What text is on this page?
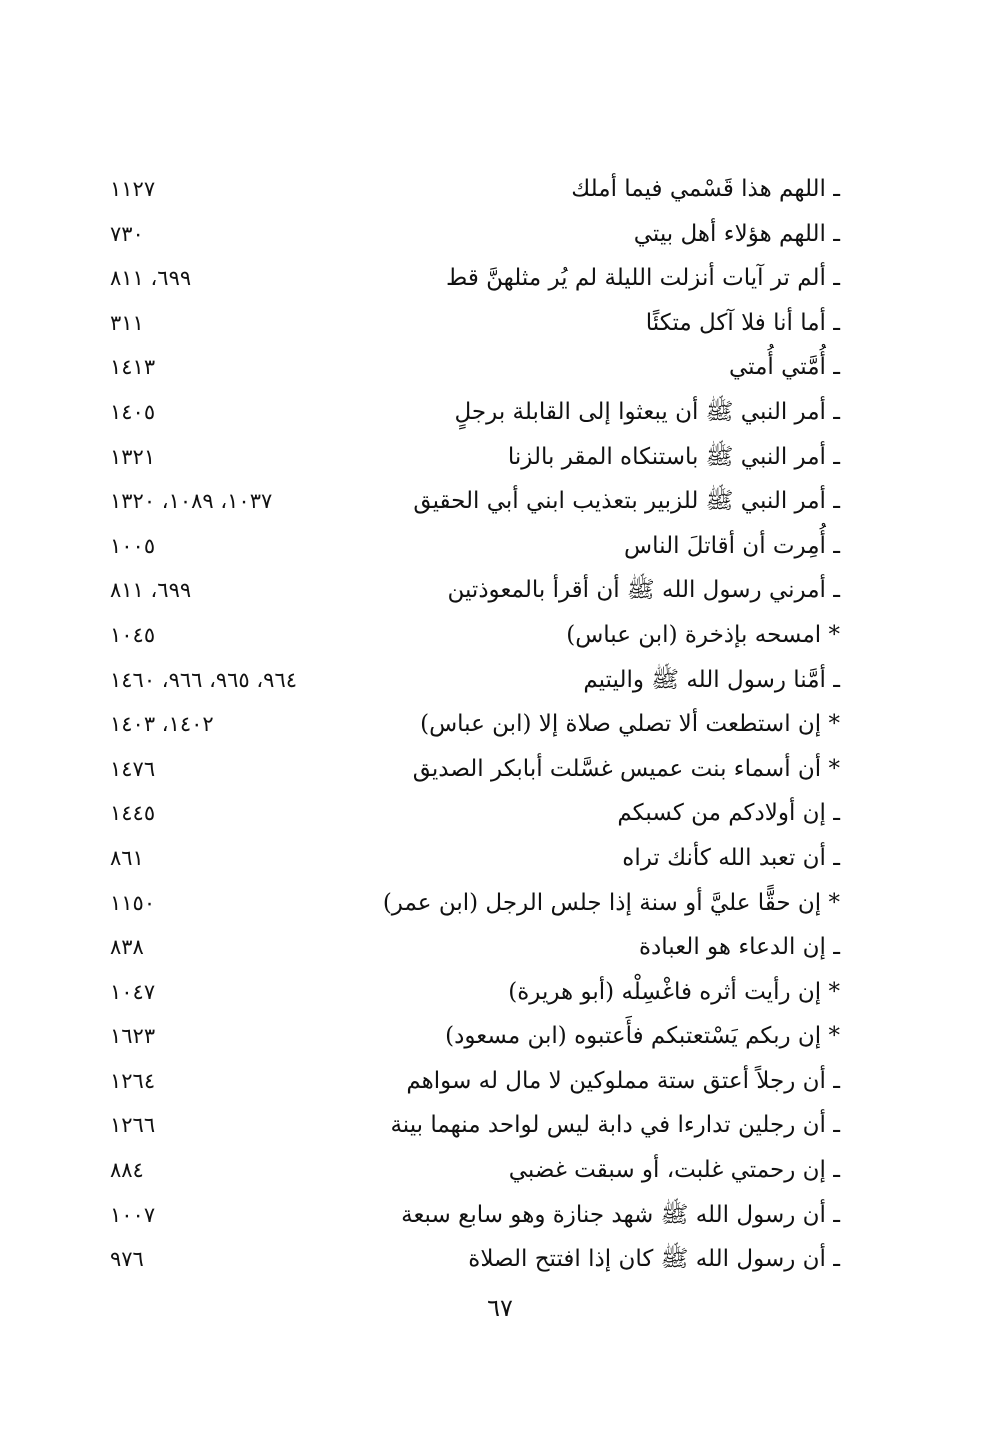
ـ اللهم هذا قَسْمي فيما أملك
١١٢٧
ـ اللهم هؤلاء أهل بيتي
٧٣٠
ـ ألم تر آيات أنزلت الليلة لم يُر مثلهنَّ قط
٦٩٩، ٨١١
ـ أما أنا فلا آكل متكئًا
٣١١
ـ أُمَّتي أُمتي
١٤١٣
ـ أمر النبي ﷺ أن يبعثوا إلى القابلة برجلٍ
١٤٠٥
ـ أمر النبي ﷺ باستنكاه المقر بالزنا
١٣٢١
ـ أمر النبي ﷺ للزبير بتعذيب ابني أبي الحقيق
١٠٣٧، ١٠٨٩، ١٣٢٠
ـ أُمِرت أن أقاتلَ الناس
١٠٠٥
ـ أمرني رسول الله ﷺ أن أقرأ بالمعوذتين
٦٩٩، ٨١١
* امسحه بإذخرة (ابن عباس)
١٠٤٥
ـ أمَّنا رسول الله ﷺ واليتيم
٩٦٤، ٩٦٥، ٩٦٦، ١٤٦٠
* إن استطعت ألا تصلي صلاة إلا (ابن عباس)
١٤٠٢، ١٤٠٣
* أن أسماء بنت عميس غسَّلت أبابكر الصديق
١٤٧٦
ـ إن أولادكم من كسبكم
١٤٤٥
ـ أن تعبد الله كأنك تراه
٨٦١
* إن حقًّا عليَّ أو سنة إذا جلس الرجل (ابن عمر)
١١٥٠
ـ إن الدعاء هو العبادة
٨٣٨
* إن رأيت أثره فاغْسِلْه (أبو هريرة)
١٠٤٧
* إن ربكم يَسْتعتبكم فأَعتبوه (ابن مسعود)
١٦٢٣
ـ أن رجلاً أعتق ستة مملوكين لا مال له سواهم
١٢٦٤
ـ أن رجلين تدارءا في دابة ليس لواحد منهما بينة
١٢٦٦
ـ إن رحمتي غلبت، أو سبقت غضبي
٨٨٤
ـ أن رسول الله ﷺ شهد جنازة وهو سابع سبعة
١٠٠٧
ـ أن رسول الله ﷺ كان إذا افتتح الصلاة
٩٧٦
٦٧
